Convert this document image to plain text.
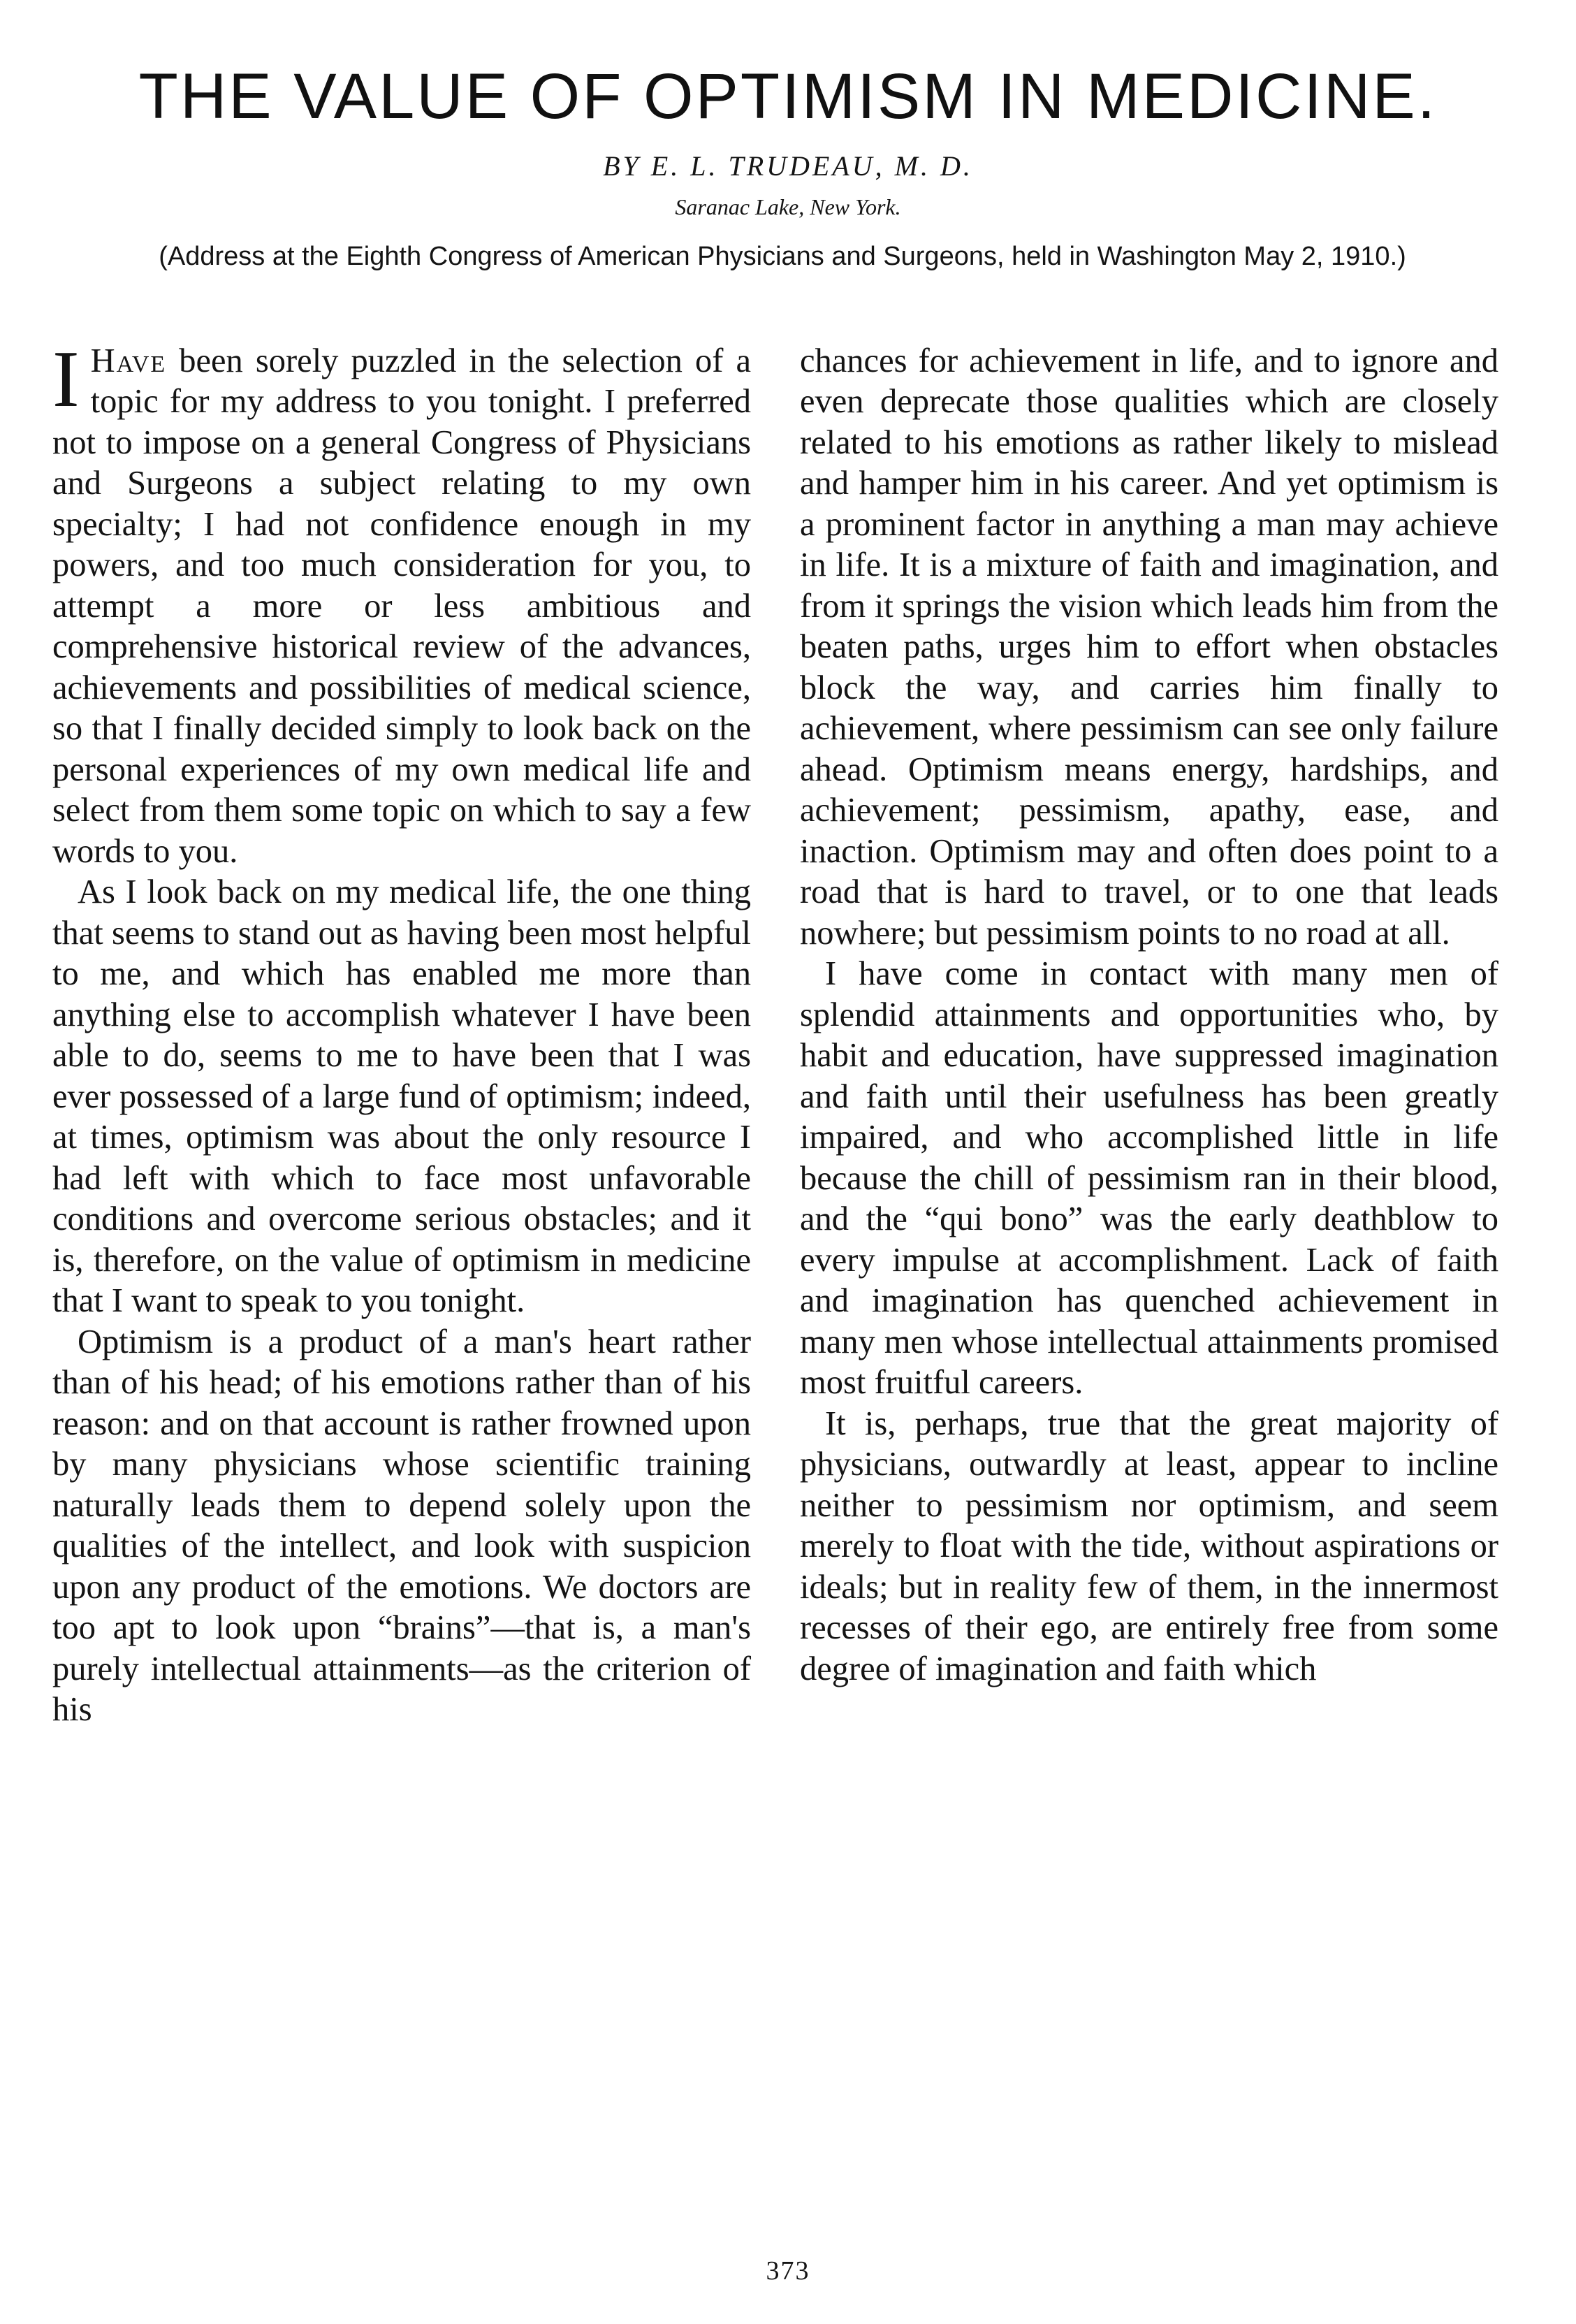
THE VALUE OF OPTIMISM IN MEDICINE.
BY E. L. TRUDEAU, M. D.
Saranac Lake, New York.
(Address at the Eighth Congress of American Physicians and Surgeons, held in Washington May 2, 1910.)

I Have been sorely puzzled in the selection of a topic for my address to you tonight. I preferred not to impose on a general Congress of Physicians and Surgeons a subject relating to my own specialty; I had not confidence enough in my powers, and too much consideration for you, to attempt a more or less ambitious and comprehensive historical review of the advances, achievements and possibilities of medical science, so that I finally decided simply to look back on the personal experiences of my own medical life and select from them some topic on which to say a few words to you.

As I look back on my medical life, the one thing that seems to stand out as having been most helpful to me, and which has enabled me more than anything else to accomplish whatever I have been able to do, seems to me to have been that I was ever possessed of a large fund of optimism; indeed, at times, optimism was about the only resource I had left with which to face most unfavorable conditions and overcome serious obstacles; and it is, therefore, on the value of optimism in medicine that I want to speak to you tonight.

Optimism is a product of a man's heart rather than of his head; of his emotions rather than of his reason: and on that account is rather frowned upon by many physicians whose scientific training naturally leads them to depend solely upon the qualities of the intellect, and look with suspicion upon any product of the emotions. We doctors are too apt to look upon “brains”—that is, a man's purely intellectual attainments—as the criterion of his

chances for achievement in life, and to ignore and even deprecate those qualities which are closely related to his emotions as rather likely to mislead and hamper him in his career. And yet optimism is a prominent factor in anything a man may achieve in life. It is a mixture of faith and imagination, and from it springs the vision which leads him from the beaten paths, urges him to effort when obstacles block the way, and carries him finally to achievement, where pessimism can see only failure ahead. Optimism means energy, hardships, and achievement; pessimism, apathy, ease, and inaction. Optimism may and often does point to a road that is hard to travel, or to one that leads nowhere; but pessimism points to no road at all.

I have come in contact with many men of splendid attainments and opportunities who, by habit and education, have suppressed imagination and faith until their usefulness has been greatly impaired, and who accomplished little in life because the chill of pessimism ran in their blood, and the “qui bono” was the early deathblow to every impulse at accomplishment. Lack of faith and imagination has quenched achievement in many men whose intellectual attainments promised most fruitful careers.

It is, perhaps, true that the great majority of physicians, outwardly at least, appear to incline neither to pessimism nor optimism, and seem merely to float with the tide, without aspirations or ideals; but in reality few of them, in the innermost recesses of their ego, are entirely free from some degree of imagination and faith which

373
